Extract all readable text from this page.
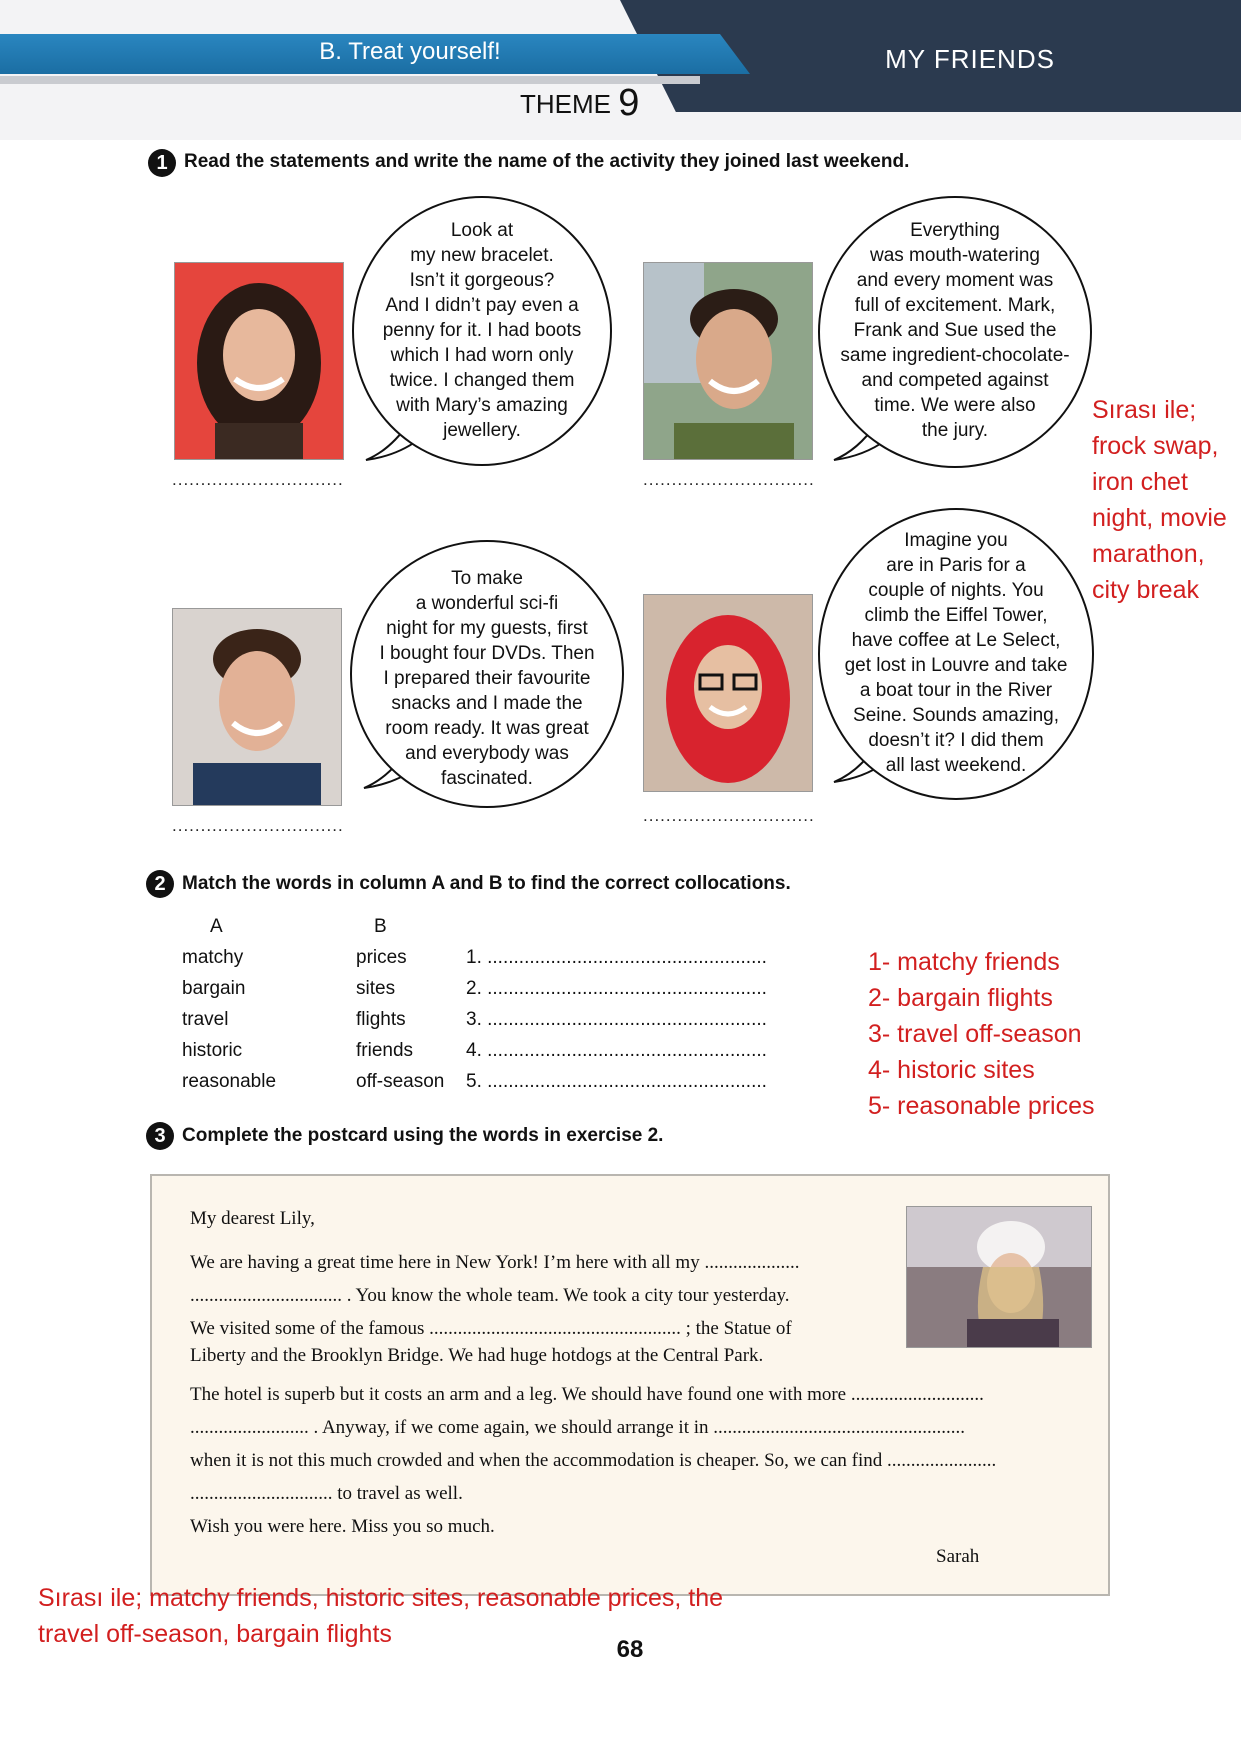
B. Treat yourself!	MY FRIENDS
THEME 9
1 Read the statements and write the name of the activity they joined last weekend.
..............................
Look at
my new bracelet.
Isn’t it gorgeous?
And I didn’t pay even a
penny for it. I had boots
which I had worn only
twice. I changed them
with Mary’s amazing
jewellery.
..............................
Everything
was mouth-watering
and every moment was
full of excitement. Mark,
Frank and Sue used the
same ingredient-chocolate-
and competed against
time. We were also
the jury.
..............................
To make
a wonderful sci-fi
night for my guests, first
I bought four DVDs. Then
I prepared their favourite
snacks and I made the
room ready. It was great
and everybody was
fascinated.
..............................
Imagine you
are in Paris for a
couple of nights. You
climb the Eiffel Tower,
have coffee at Le Select,
get lost in Louvre and take
a boat tour in the River
Seine. Sounds amazing,
doesn’t it? I did them
all last weekend.
Sırası ile;
frock swap,
iron chet
night, movie
marathon,
city break
2 Match the words in column A and B to find the correct collocations.
A	B
matchy	prices	1. .....................................................
bargain	sites	2. .....................................................
travel	flights	3. .....................................................
historic	friends	4. .....................................................
reasonable	off-season 5. .....................................................
1- matchy friends
2- bargain flights
3- travel off-season
4- historic sites
5- reasonable prices
3 Complete the postcard using the words in exercise 2.
My dearest Lily,
We are having a great time here in New York! I’m here with all my ....................
................................ . You know the whole team. We took a city tour yesterday.
We visited some of the famous ..................................................... ; the Statue of
Liberty and the Brooklyn Bridge. We had huge hotdogs at the Central Park.
The hotel is superb but it costs an arm and a leg. We should have found one with more ............................
......................... . Anyway, if we come again, we should arrange it in .....................................................
when it is not this much crowded and when the accommodation is cheaper. So, we can find .......................
.............................. to travel as well.
Wish you were here. Miss you so much.
Sarah
Sırası ile; matchy friends, historic sites, reasonable prices, the
travel off-season, bargain flights
68
